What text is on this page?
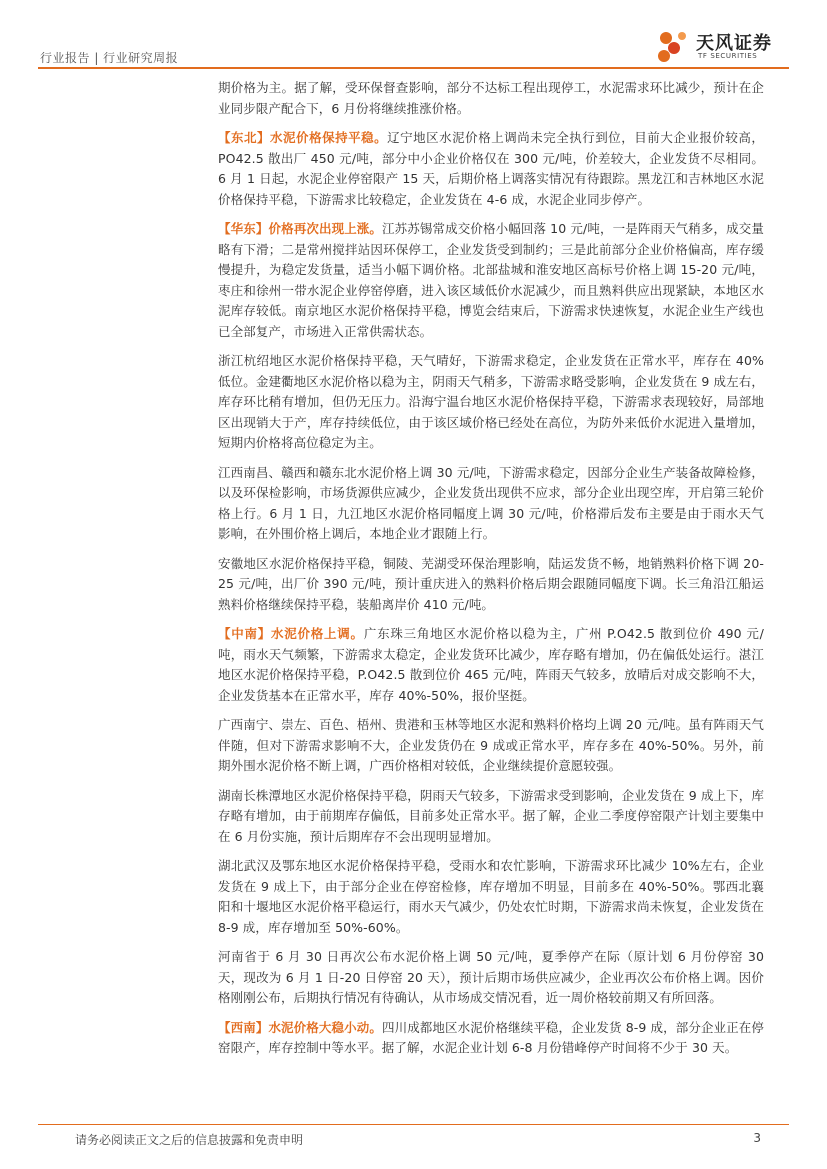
行业报告 | 行业研究周报
天风证券
TF SECURITIES

期价格为主。据了解，受环保督查影响，部分不达标工程出现停工，水泥需求环比减少，预计在企业同步限产配合下，6 月份将继续推涨价格。

【东北】水泥价格保持平稳。辽宁地区水泥价格上调尚未完全执行到位，目前大企业报价较高，PO42.5 散出厂 450 元/吨，部分中小企业价格仅在 300 元/吨，价差较大，企业发货不尽相同。6 月 1 日起，水泥企业停窑限产 15 天，后期价格上调落实情况有待跟踪。黑龙江和吉林地区水泥价格保持平稳，下游需求比较稳定，企业发货在 4-6 成，水泥企业同步停产。

【华东】价格再次出现上涨。江苏苏锡常成交价格小幅回落 10 元/吨，一是阵雨天气稍多，成交量略有下滑；二是常州搅拌站因环保停工，企业发货受到制约；三是此前部分企业价格偏高，库存缓慢提升，为稳定发货量，适当小幅下调价格。北部盐城和淮安地区高标号价格上调 15-20 元/吨，枣庄和徐州一带水泥企业停窑停磨，进入该区域低价水泥减少，而且熟料供应出现紧缺，本地区水泥库存较低。南京地区水泥价格保持平稳，博览会结束后，下游需求快速恢复，水泥企业生产线也已全部复产，市场进入正常供需状态。

浙江杭绍地区水泥价格保持平稳，天气晴好，下游需求稳定，企业发货在正常水平，库存在 40%低位。金建衢地区水泥价格以稳为主，阴雨天气稍多，下游需求略受影响，企业发货在 9 成左右，库存环比稍有增加，但仍无压力。沿海宁温台地区水泥价格保持平稳，下游需求表现较好，局部地区出现销大于产，库存持续低位，由于该区域价格已经处在高位，为防外来低价水泥进入量增加，短期内价格将高位稳定为主。

江西南昌、赣西和赣东北水泥价格上调 30 元/吨，下游需求稳定，因部分企业生产装备故障检修，以及环保检影响，市场货源供应减少，企业发货出现供不应求，部分企业出现空库，开启第三轮价格上行。6 月 1 日，九江地区水泥价格同幅度上调 30 元/吨，价格滞后发布主要是由于雨水天气影响，在外围价格上调后，本地企业才跟随上行。

安徽地区水泥价格保持平稳，铜陵、芜湖受环保治理影响，陆运发货不畅，地销熟料价格下调 20-25 元/吨，出厂价 390 元/吨，预计重庆进入的熟料价格后期会跟随同幅度下调。长三角沿江船运熟料价格继续保持平稳，装船离岸价 410 元/吨。

【中南】水泥价格上调。广东珠三角地区水泥价格以稳为主，广州 P.O42.5 散到位价 490 元/吨，雨水天气频繁，下游需求太稳定，企业发货环比减少，库存略有增加，仍在偏低处运行。湛江地区水泥价格保持平稳，P.O42.5 散到位价 465 元/吨，阵雨天气较多，放晴后对成交影响不大，企业发货基本在正常水平，库存 40%-50%，报价坚挺。

广西南宁、崇左、百色、梧州、贵港和玉林等地区水泥和熟料价格均上调 20 元/吨。虽有阵雨天气伴随，但对下游需求影响不大，企业发货仍在 9 成或正常水平，库存多在 40%-50%。另外，前期外围水泥价格不断上调，广西价格相对较低，企业继续提价意愿较强。

湖南长株潭地区水泥价格保持平稳，阴雨天气较多，下游需求受到影响，企业发货在 9 成上下，库存略有增加，由于前期库存偏低，目前多处正常水平。据了解，企业二季度停窑限产计划主要集中在 6 月份实施，预计后期库存不会出现明显增加。

湖北武汉及鄂东地区水泥价格保持平稳，受雨水和农忙影响，下游需求环比减少 10%左右，企业发货在 9 成上下，由于部分企业在停窑检修，库存增加不明显，目前多在 40%-50%。鄂西北襄阳和十堰地区水泥价格平稳运行，雨水天气减少，仍处农忙时期，下游需求尚未恢复，企业发货在 8-9 成，库存增加至 50%-60%。

河南省于 6 月 30 日再次公布水泥价格上调 50 元/吨，夏季停产在际（原计划 6 月份停窑 30 天，现改为 6 月 1 日-20 日停窑 20 天），预计后期市场供应减少，企业再次公布价格上调。因价格刚刚公布，后期执行情况有待确认，从市场成交情况看，近一周价格较前期又有所回落。

【西南】水泥价格大稳小动。四川成都地区水泥价格继续平稳，企业发货 8-9 成，部分企业正在停窑限产，库存控制中等水平。据了解，水泥企业计划 6-8 月份错峰停产时间将不少于 30 天。

请务必阅读正文之后的信息披露和免责申明	3
